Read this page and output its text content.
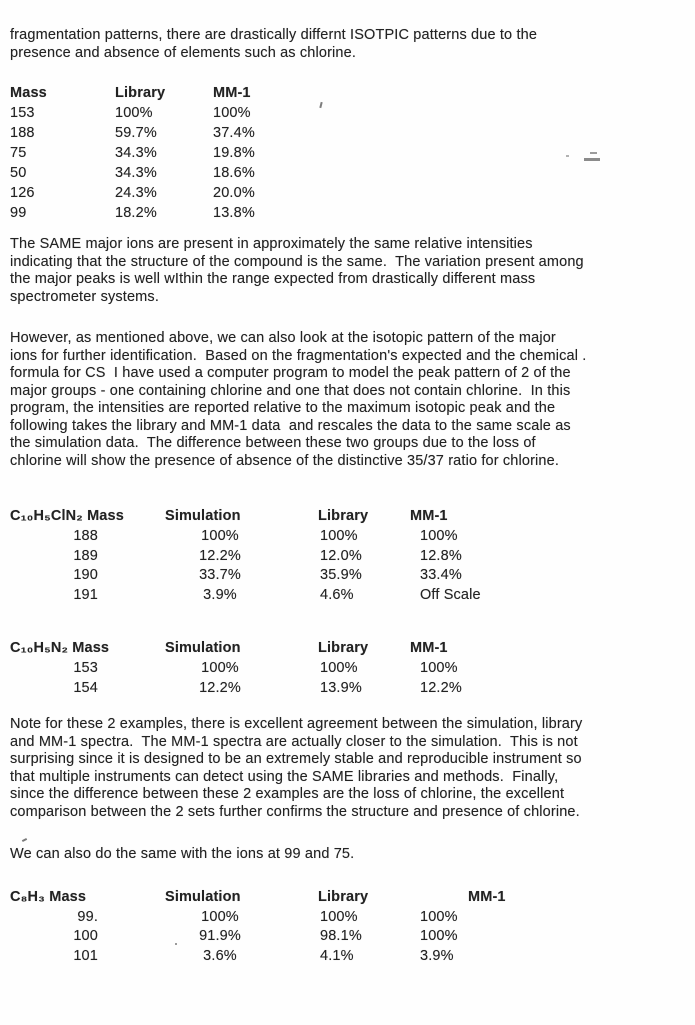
fragmentation patterns, there are drastically differnt ISOTPIC patterns due to the
presence and absence of elements such as chlorine.
Mass	Library	MM-1
153	100%	100%
188	59.7%	37.4%
75	34.3%	19.8%
50	34.3%	18.6%
126	24.3%	20.0%
99	18.2%	13.8%
The SAME major ions are present in approximately the same relative intensities
indicating that the structure of the compound is the same.  The variation present among
the major peaks is well wIthin the range expected from drastically different mass
spectrometer systems.
However, as mentioned above, we can also look at the isotopic pattern of the major
ions for further identification.  Based on the fragmentation's expected and the chemical .
formula for CS  I have used a computer program to model the peak pattern of 2 of the
major groups - one containing chlorine and one that does not contain chlorine.  In this
program, the intensities are reported relative to the maximum isotopic peak and the
following takes the library and MM-1 data  and rescales the data to the same scale as
the simulation data.  The difference between these two groups due to the loss of
chlorine will show the presence of absence of the distinctive 35/37 ratio for chlorine.
C₁₀H₅ClN₂ Mass	Simulation	Library	MM-1
188	100%	100%	100%
189	12.2%	12.0%	12.8%
190	33.7%	35.9%	33.4%
191	3.9%	4.6%	Off Scale
C₁₀H₅N₂ Mass	Simulation	Library	MM-1
153	100%	100%	100%
154	12.2%	13.9%	12.2%
Note for these 2 examples, there is excellent agreement between the simulation, library
and MM-1 spectra.  The MM-1 spectra are actually closer to the simulation.  This is not
surprising since it is designed to be an extremely stable and reproducible instrument so
that multiple instruments can detect using the SAME libraries and methods.  Finally,
since the difference between these 2 examples are the loss of chlorine, the excellent
comparison between the 2 sets further confirms the structure and presence of chlorine.
We can also do the same with the ions at 99 and 75.
C₈H₃ Mass	Simulation	Library	MM-1
99.	100%	100%	100%
100	91.9%	98.1%	100%
101	3.6%	4.1%	3.9%
